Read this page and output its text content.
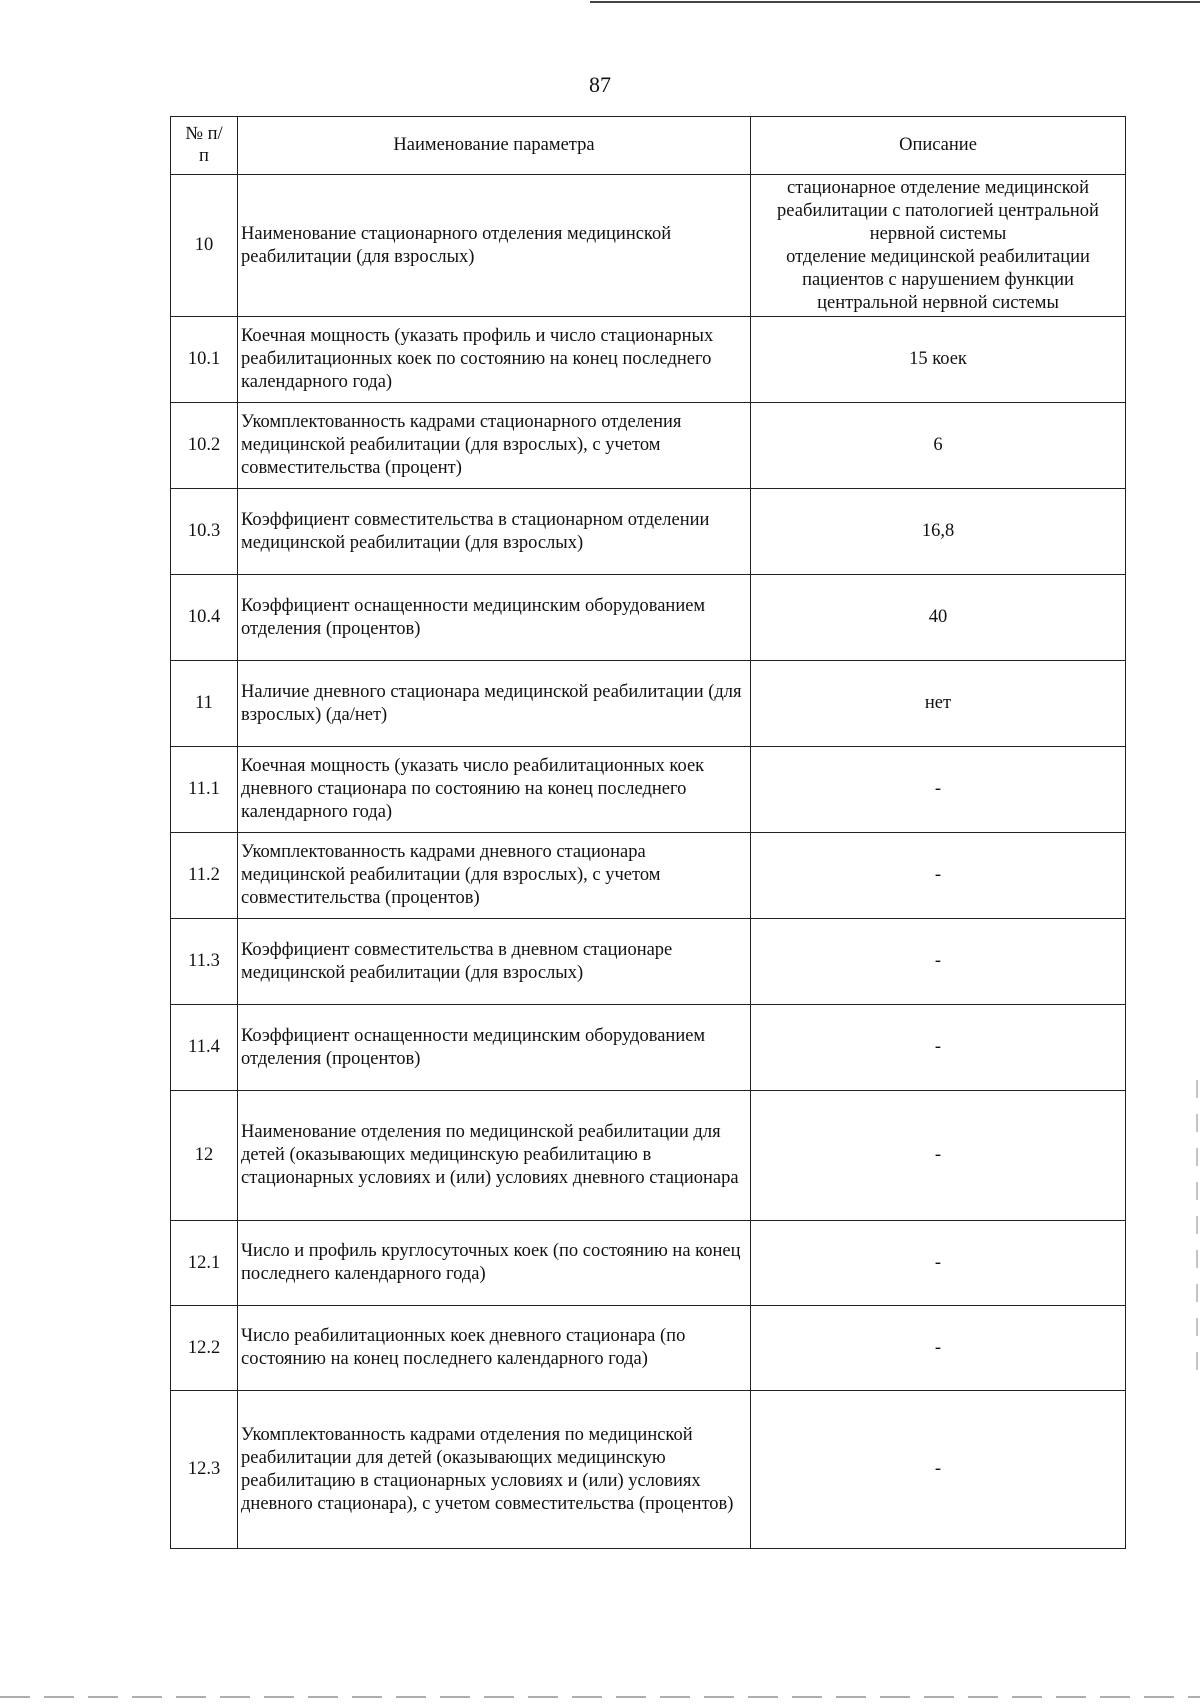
87
№ п/п	Наименование параметра	Описание
10	Наименование стационарного отделения медицинской реабилитации (для взрослых)	стационарное отделение медицинской реабилитации с патологией центральной нервной системы
отделение медицинской реабилитации пациентов с нарушением функции центральной нервной системы
10.1	Коечная мощность (указать профиль и число стационарных реабилитационных коек по состоянию на конец последнего календарного года)	15 коек
10.2	Укомплектованность кадрами стационарного отделения медицинской реабилитации (для взрослых), с учетом совместительства (процент)	6
10.3	Коэффициент совместительства в стационарном отделении медицинской реабилитации (для взрослых)	16,8
10.4	Коэффициент оснащенности медицинским оборудованием отделения (процентов)	40
11	Наличие дневного стационара медицинской реабилитации (для взрослых) (да/нет)	нет
11.1	Коечная мощность (указать число реабилитационных коек дневного стационара по состоянию на конец последнего календарного года)	-
11.2	Укомплектованность кадрами дневного стационара медицинской реабилитации (для взрослых), с учетом совместительства (процентов)	-
11.3	Коэффициент совместительства в дневном стационаре медицинской реабилитации (для взрослых)	-
11.4	Коэффициент оснащенности медицинским оборудованием отделения (процентов)	-
12	Наименование отделения по медицинской реабилитации для детей (оказывающих медицинскую реабилитацию в стационарных условиях и (или) условиях дневного стационара	-
12.1	Число и профиль круглосуточных коек (по состоянию на конец последнего календарного года)	-
12.2	Число реабилитационных коек дневного стационара (по состоянию на конец последнего календарного года)	-
12.3	Укомплектованность кадрами отделения по медицинской реабилитации для детей (оказывающих медицинскую реабилитацию в стационарных условиях и (или) условиях дневного стационара), с учетом совместительства (процентов)	-
